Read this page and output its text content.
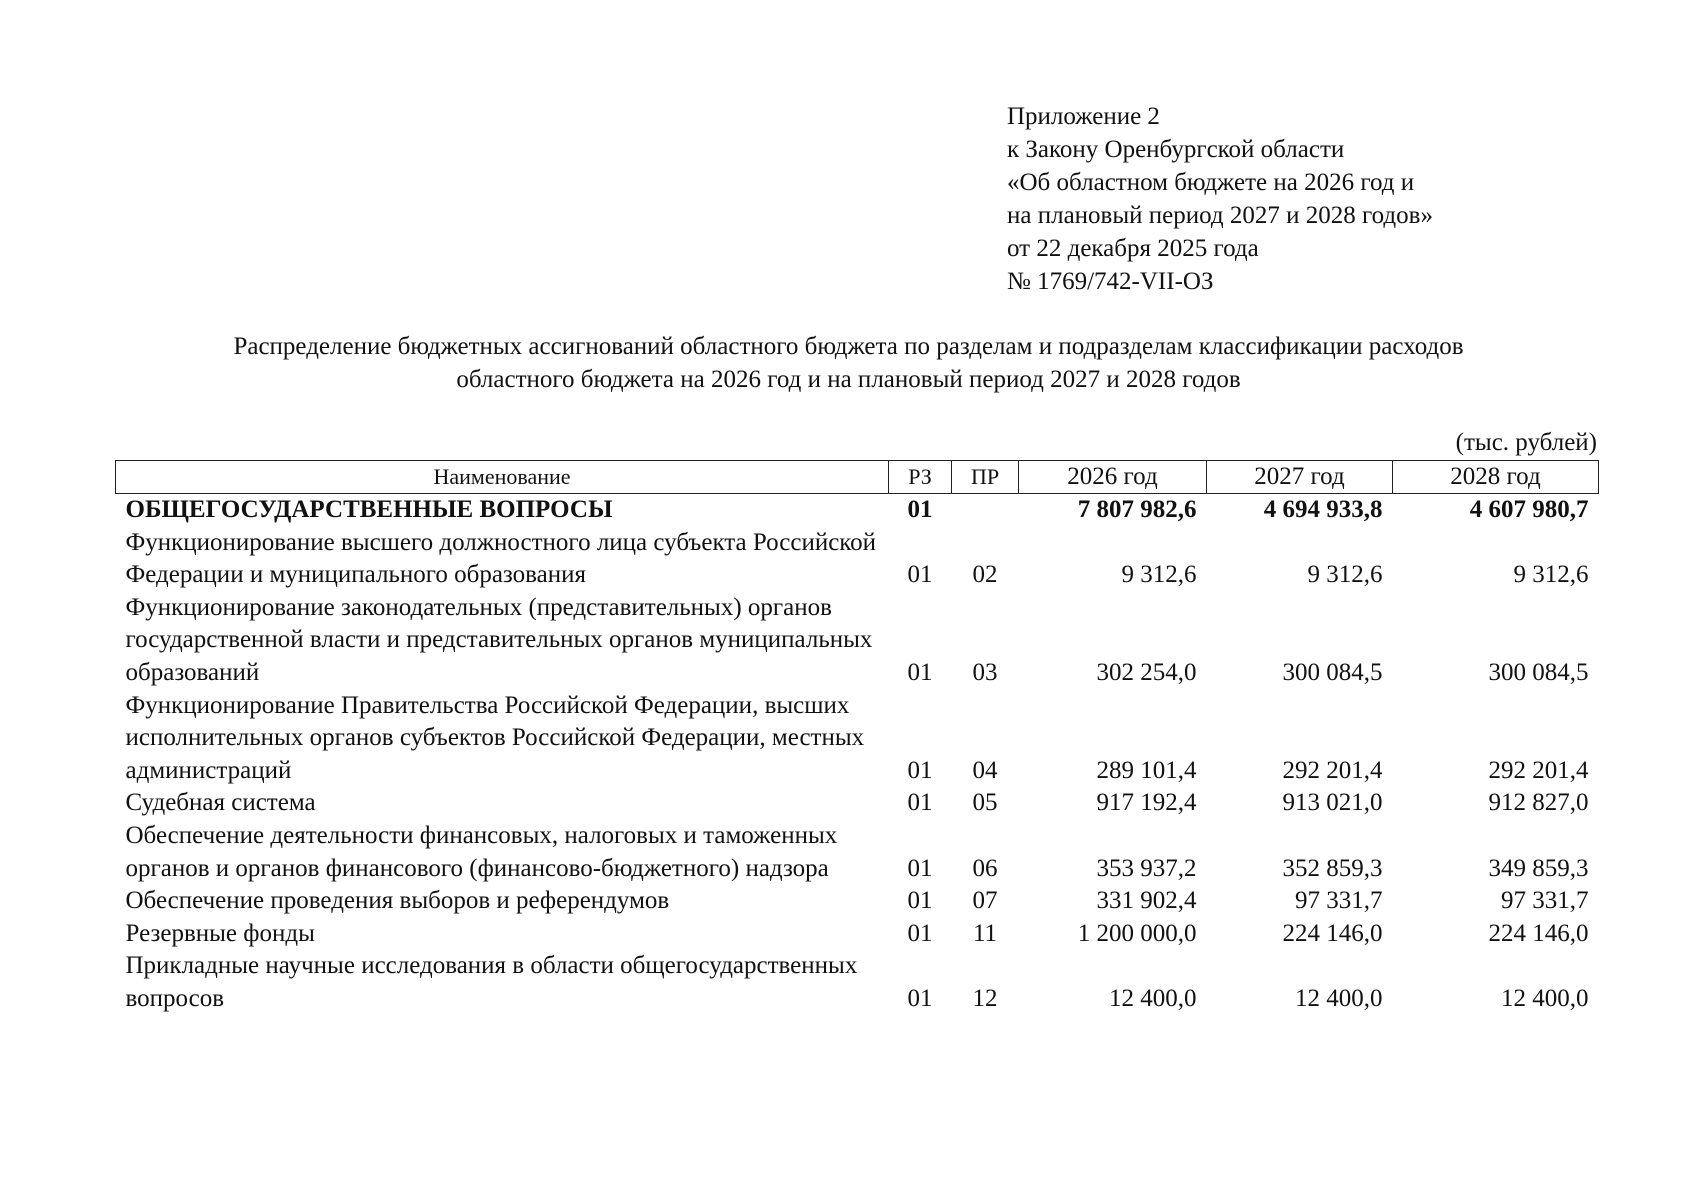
Приложение 2
к Закону Оренбургской области
«Об областном бюджете на 2026 год и
на плановый период 2027 и 2028 годов»
от 22 декабря 2025 года
№ 1769/742-VII-ОЗ
Распределение бюджетных ассигнований областного бюджета по разделам и подразделам классификации расходов
областного бюджета на 2026 год и на плановый период 2027 и 2028 годов
(тыс. рублей)
Наименование	РЗ	ПР	2026 год	2027 год	2028 год
ОБЩЕГОСУДАРСТВЕННЫЕ ВОПРОСЫ	01		7 807 982,6	4 694 933,8	4 607 980,7
Функционирование высшего должностного лица субъекта Российской Федерации и муниципального образования	01	02	9 312,6	9 312,6	9 312,6
Функционирование законодательных (представительных) органов государственной власти и представительных органов муниципальных образований	01	03	302 254,0	300 084,5	300 084,5
Функционирование Правительства Российской Федерации, высших исполнительных органов субъектов Российской Федерации, местных администраций	01	04	289 101,4	292 201,4	292 201,4
Судебная система	01	05	917 192,4	913 021,0	912 827,0
Обеспечение деятельности финансовых, налоговых и таможенных органов и органов финансового (финансово-бюджетного) надзора	01	06	353 937,2	352 859,3	349 859,3
Обеспечение проведения выборов и референдумов	01	07	331 902,4	97 331,7	97 331,7
Резервные фонды	01	11	1 200 000,0	224 146,0	224 146,0
Прикладные научные исследования в области общегосударственных вопросов	01	12	12 400,0	12 400,0	12 400,0
